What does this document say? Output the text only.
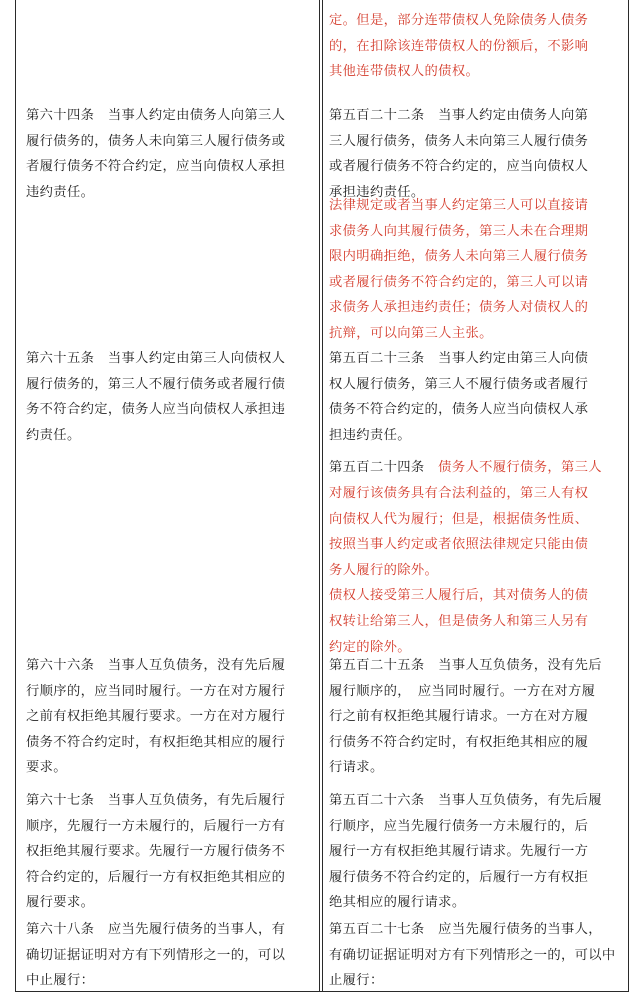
第六十四条　当事人约定由债务人向第三人
履行债务的，债务人未向第三人履行债务或
者履行债务不符合约定，应当向债权人承担
违约责任。

第六十五条　当事人约定由第三人向债权人
履行债务的，第三人不履行债务或者履行债
务不符合约定，债务人应当向债权人承担违
约责任。

第六十六条　当事人互负债务，没有先后履
行顺序的，应当同时履行。一方在对方履行
之前有权拒绝其履行要求。一方在对方履行
债务不符合约定时，有权拒绝其相应的履行
要求。

第六十七条　当事人互负债务，有先后履行
顺序，先履行一方未履行的，后履行一方有
权拒绝其履行要求。先履行一方履行债务不
符合约定的，后履行一方有权拒绝其相应的
履行要求。

第六十八条　应当先履行债务的当事人，有
确切证据证明对方有下列情形之一的，可以
中止履行：

定。但是，部分连带债权人免除债务人债务
的，在扣除该连带债权人的份额后，不影响
其他连带债权人的债权。

第五百二十二条　当事人约定由债务人向第
三人履行债务，债务人未向第三人履行债务
或者履行债务不符合约定的，应当向债权人
承担违约责任。

法律规定或者当事人约定第三人可以直接请
求债务人向其履行债务，第三人未在合理期
限内明确拒绝，债务人未向第三人履行债务
或者履行债务不符合约定的，第三人可以请
求债务人承担违约责任；债务人对债权人的
抗辩，可以向第三人主张。

第五百二十三条　当事人约定由第三人向债
权人履行债务，第三人不履行债务或者履行
债务不符合约定的，债务人应当向债权人承
担违约责任。

第五百二十四条　债务人不履行债务，第三人

对履行该债务具有合法利益的，第三人有权
向债权人代为履行；但是，根据债务性质、
按照当事人约定或者依照法律规定只能由债
务人履行的除外。
债权人接受第三人履行后，其对债务人的债
权转让给第三人，但是债务人和第三人另有
约定的除外。

第五百二十五条　当事人互负债务，没有先后
履行顺序的，　应当同时履行。一方在对方履
行之前有权拒绝其履行请求。一方在对方履
行债务不符合约定时，有权拒绝其相应的履
行请求。

第五百二十六条　当事人互负债务，有先后履
行顺序，应当先履行债务一方未履行的，后
履行一方有权拒绝其履行请求。先履行一方
履行债务不符合约定的，后履行一方有权拒
绝其相应的履行请求。

第五百二十七条　应当先履行债务的当事人，
有确切证据证明对方有下列情形之一的，可以中
止履行：
